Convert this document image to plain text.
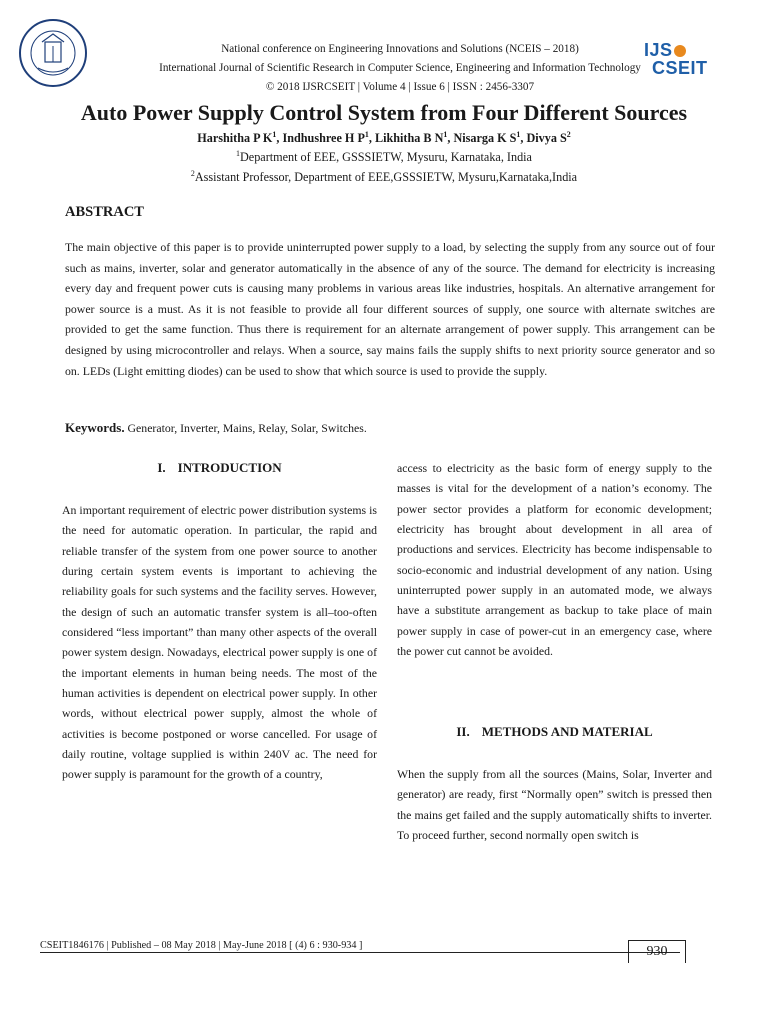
IJS
CSEIT
National conference on Engineering Innovations and Solutions (NCEIS – 2018)
International Journal of Scientific Research in Computer Science, Engineering and Information Technology
© 2018 IJSRCSEIT | Volume 4 | Issue 6 | ISSN : 2456-3307
Auto Power Supply Control System from Four Different Sources
Harshitha P $K^1$, Indhushree H $P^1$, Likhitha B $N^1$, Nisarga K $S^1$, Divya $S^2$
$^1$Department of EEE, GSSSIETW, Mysuru, Karnataka, India
$^2$Assistant Professor, Department of EEE,GSSSIETW, Mysuru,Karnataka,India
ABSTRACT
The main objective of this paper is to provide uninterrupted power supply to a load, by selecting the supply from any source out of four such as mains, inverter, solar and generator automatically in the absence of any of the source. The demand for electricity is increasing every day and frequent power cuts is causing many problems in various areas like industries, hospitals. An alternative arrangement for power source is a must. As it is not feasible to provide all four different sources of supply, one source with alternate switches are provided to get the same function. Thus there is requirement for an alternate arrangement of power supply. This arrangement can be designed by using microcontroller and relays. When a source, say mains fails the supply shifts to next priority source generator and so on. LEDs (Light emitting diodes) can be used to show that which source is used to provide the supply.
Keywords. Generator, Inverter, Mains, Relay, Solar, Switches.
I. INTRODUCTION
An important requirement of electric power distribution systems is the need for automatic operation. In particular, the rapid and reliable transfer of the system from one power source to another during certain system events is important to achieving the reliability goals for such systems and the facility serves. However, the design of such an automatic transfer system is all–too-often considered “less important” than many other aspects of the overall power system design. Nowadays, electrical power supply is one of the important elements in human being needs. The most of the human activities is dependent on electrical power supply. In other words, without electrical power supply, almost the whole of activities is become postponed or worse cancelled. For usage of daily routine, voltage supplied is within 240V ac. The need for power supply is paramount for the growth of a country,
access to electricity as the basic form of energy supply to the masses is vital for the development of a nation’s economy. The power sector provides a platform for economic development; electricity has brought about development in all area of productions and services. Electricity has become indispensable to socio-economic and industrial development of any nation. Using uninterrupted power supply in an automated mode, we always have a substitute arrangement as backup to take place of main power supply in case of power-cut in an emergency case, where the power cut cannot be avoided.
II. METHODS AND MATERIAL
When the supply from all the sources (Mains, Solar, Inverter and generator) are ready, first “Normally open” switch is pressed then the mains get failed and the supply automatically shifts to inverter. To proceed further, second normally open switch is
CSEIT1846176 | Published – 08 May 2018 | May-June 2018 [ (4) 6 : 930-934 ]	930
